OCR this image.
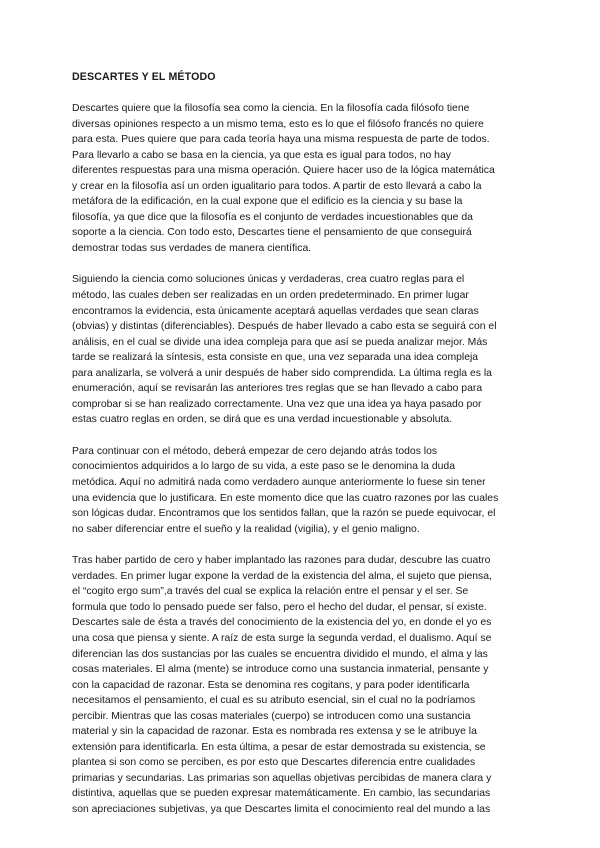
DESCARTES Y EL MÉTODO
Descartes quiere que la filosofía sea como la ciencia. En la filosofía cada filósofo tiene
diversas opiniones respecto a un mismo tema, esto es lo que el filósofo francés no quiere
para esta. Pues quiere que para cada teoría haya una misma respuesta de parte de todos.
Para llevarlo a cabo se basa en la ciencia, ya que esta es igual para todos, no hay
diferentes respuestas para una misma operación. Quiere hacer uso de la lógica matemática
y crear en la filosofía así un orden igualitario para todos. A partir de esto llevará a cabo la
metáfora de la edificación, en la cual expone que el edificio es la ciencia y su base la
filosofía, ya que dice que la filosofía es el conjunto de verdades incuestionables que da
soporte a la ciencia. Con todo esto, Descartes tiene el pensamiento de que conseguirá
demostrar todas sus verdades de manera científica.
Siguiendo la ciencia como soluciones únicas y verdaderas, crea cuatro reglas para el
método, las cuales deben ser realizadas en un orden predeterminado. En primer lugar
encontramos la evidencia, esta únicamente aceptará aquellas verdades que sean claras
(obvias) y distintas (diferenciables). Después de haber llevado a cabo esta se seguirá con el
análisis, en el cual se divide una idea compleja para que así se pueda analizar mejor. Más
tarde se realizará la síntesis, esta consiste en que, una vez separada una idea compleja
para analizarla, se volverá a unir después de haber sido comprendida. La última regla es la
enumeración, aquí se revisarán las anteriores tres reglas que se han llevado a cabo para
comprobar si se han realizado correctamente. Una vez que una idea ya haya pasado por
estas cuatro reglas en orden, se dirá que es una verdad incuestionable y absoluta.
Para continuar con el método, deberá empezar de cero dejando atrás todos los
conocimientos adquiridos a lo largo de su vida, a este paso se le denomina la duda
metódica. Aquí no admitirá nada como verdadero aunque anteriormente lo fuese sin tener
una evidencia que lo justificara. En este momento dice que las cuatro razones por las cuales
son lógicas dudar. Encontramos que los sentidos fallan, que la razón se puede equivocar, el
no saber diferenciar entre el sueño y la realidad (vigilia), y el genio maligno.
Tras haber partido de cero y haber implantado las razones para dudar, descubre las cuatro
verdades. En primer lugar expone la verdad de la existencia del alma, el sujeto que piensa,
el “cogito ergo sum”,a través del cual se explica la relación entre el pensar y el ser. Se
formula que todo lo pensado puede ser falso, pero el hecho del dudar, el pensar, sí existe.
Descartes sale de ésta a través del conocimiento de la existencia del yo, en donde el yo es
una cosa que piensa y siente. A raíz de esta surge la segunda verdad, el dualismo. Aquí se
diferencian las dos sustancias por las cuales se encuentra dividido el mundo, el alma y las
cosas materiales. El alma (mente) se introduce como una sustancia inmaterial, pensante y
con la capacidad de razonar. Esta se denomina res cogitans, y para poder identificarla
necesitamos el pensamiento, el cual es su atributo esencial, sin el cual no la podríamos
percibir. Mientras que las cosas materiales (cuerpo) se introducen como una sustancia
material y sin la capacidad de razonar. Esta es nombrada res extensa y se le atribuye la
extensión para identificarla. En esta última, a pesar de estar demostrada su existencia, se
plantea si son como se perciben, es por esto que Descartes diferencia entre cualidades
primarias y secundarias. Las primarias son aquellas objetivas percibidas de manera clara y
distintiva, aquellas que se pueden expresar matemáticamente. En cambio, las secundarias
son apreciaciones subjetivas, ya que Descartes limita el conocimiento real del mundo a las
